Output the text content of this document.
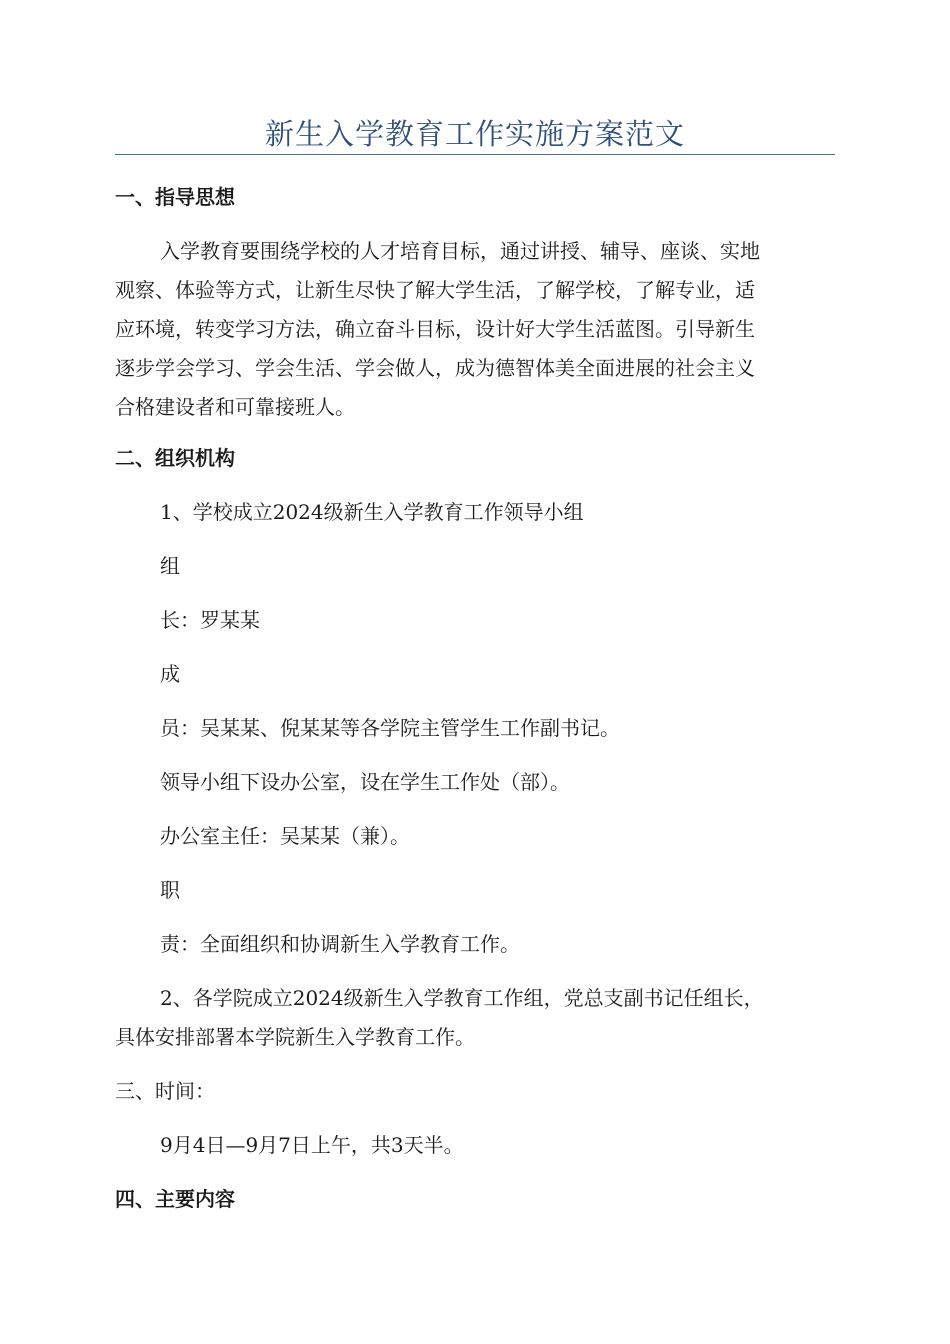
新生入学教育工作实施方案范文
一、指导思想
入学教育要围绕学校的人才培育目标，通过讲授、辅导、座谈、实地
观察、体验等方式，让新生尽快了解大学生活，了解学校，了解专业，适
应环境，转变学习方法，确立奋斗目标，设计好大学生活蓝图。引导新生
逐步学会学习、学会生活、学会做人，成为德智体美全面进展的社会主义
合格建设者和可靠接班人。
二、组织机构
1、学校成立2024级新生入学教育工作领导小组
组
长：罗某某
成
员：吴某某、倪某某等各学院主管学生工作副书记。
领导小组下设办公室，设在学生工作处（部）。
办公室主任：吴某某（兼）。
职
责：全面组织和协调新生入学教育工作。
2、各学院成立2024级新生入学教育工作组，党总支副书记任组长，
具体安排部署本学院新生入学教育工作。
三、时间：
9月4日—9月7日上午，共3天半。
四、主要内容
